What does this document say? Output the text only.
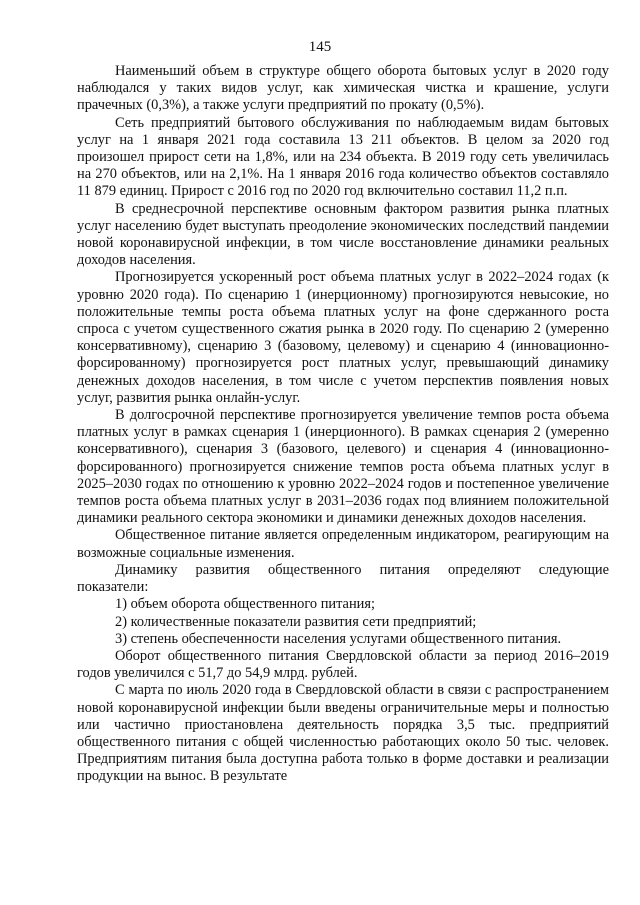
145

Наименьший объем в структуре общего оборота бытовых услуг в 2020 году наблюдался у таких видов услуг, как химическая чистка и крашение, услуги прачечных (0,3%), а также услуги предприятий по прокату (0,5%).

Сеть предприятий бытового обслуживания по наблюдаемым видам бытовых услуг на 1 января 2021 года составила 13 211 объектов. В целом за 2020 год произошел прирост сети на 1,8%, или на 234 объекта. В 2019 году сеть увеличилась на 270 объектов, или на 2,1%. На 1 января 2016 года количество объектов составляло 11 879 единиц. Прирост с 2016 год по 2020 год включительно составил 11,2 п.п.

В среднесрочной перспективе основным фактором развития рынка платных услуг населению будет выступать преодоление экономических последствий пандемии новой коронавирусной инфекции, в том числе восстановление динамики реальных доходов населения.

Прогнозируется ускоренный рост объема платных услуг в 2022–2024 годах (к уровню 2020 года). По сценарию 1 (инерционному) прогнозируются невысокие, но положительные темпы роста объема платных услуг на фоне сдержанного роста спроса с учетом существенного сжатия рынка в 2020 году. По сценарию 2 (умеренно консервативному), сценарию 3 (базовому, целевому) и сценарию 4 (инновационно-форсированному) прогнозируется рост платных услуг, превышающий динамику денежных доходов населения, в том числе с учетом перспектив появления новых услуг, развития рынка онлайн-услуг.

В долгосрочной перспективе прогнозируется увеличение темпов роста объема платных услуг в рамках сценария 1 (инерционного). В рамках сценария 2 (умеренно консервативного), сценария 3 (базового, целевого) и сценария 4 (инновационно-форсированного) прогнозируется снижение темпов роста объема платных услуг в 2025–2030 годах по отношению к уровню 2022–2024 годов и постепенное увеличение темпов роста объема платных услуг в 2031–2036 годах под влиянием положительной динамики реального сектора экономики и динамики денежных доходов населения.

Общественное питание является определенным индикатором, реагирующим на возможные социальные изменения.

Динамику развития общественного питания определяют следующие показатели:

1) объем оборота общественного питания;

2) количественные показатели развития сети предприятий;

3) степень обеспеченности населения услугами общественного питания.

Оборот общественного питания Свердловской области за период 2016–2019 годов увеличился с 51,7 до 54,9 млрд. рублей.

С марта по июль 2020 года в Свердловской области в связи с распространением новой коронавирусной инфекции были введены ограничительные меры и полностью или частично приостановлена деятельность порядка 3,5 тыс. предприятий общественного питания с общей численностью работающих около 50 тыс. человек. Предприятиям питания была доступна работа только в форме доставки и реализации продукции на вынос. В результате
